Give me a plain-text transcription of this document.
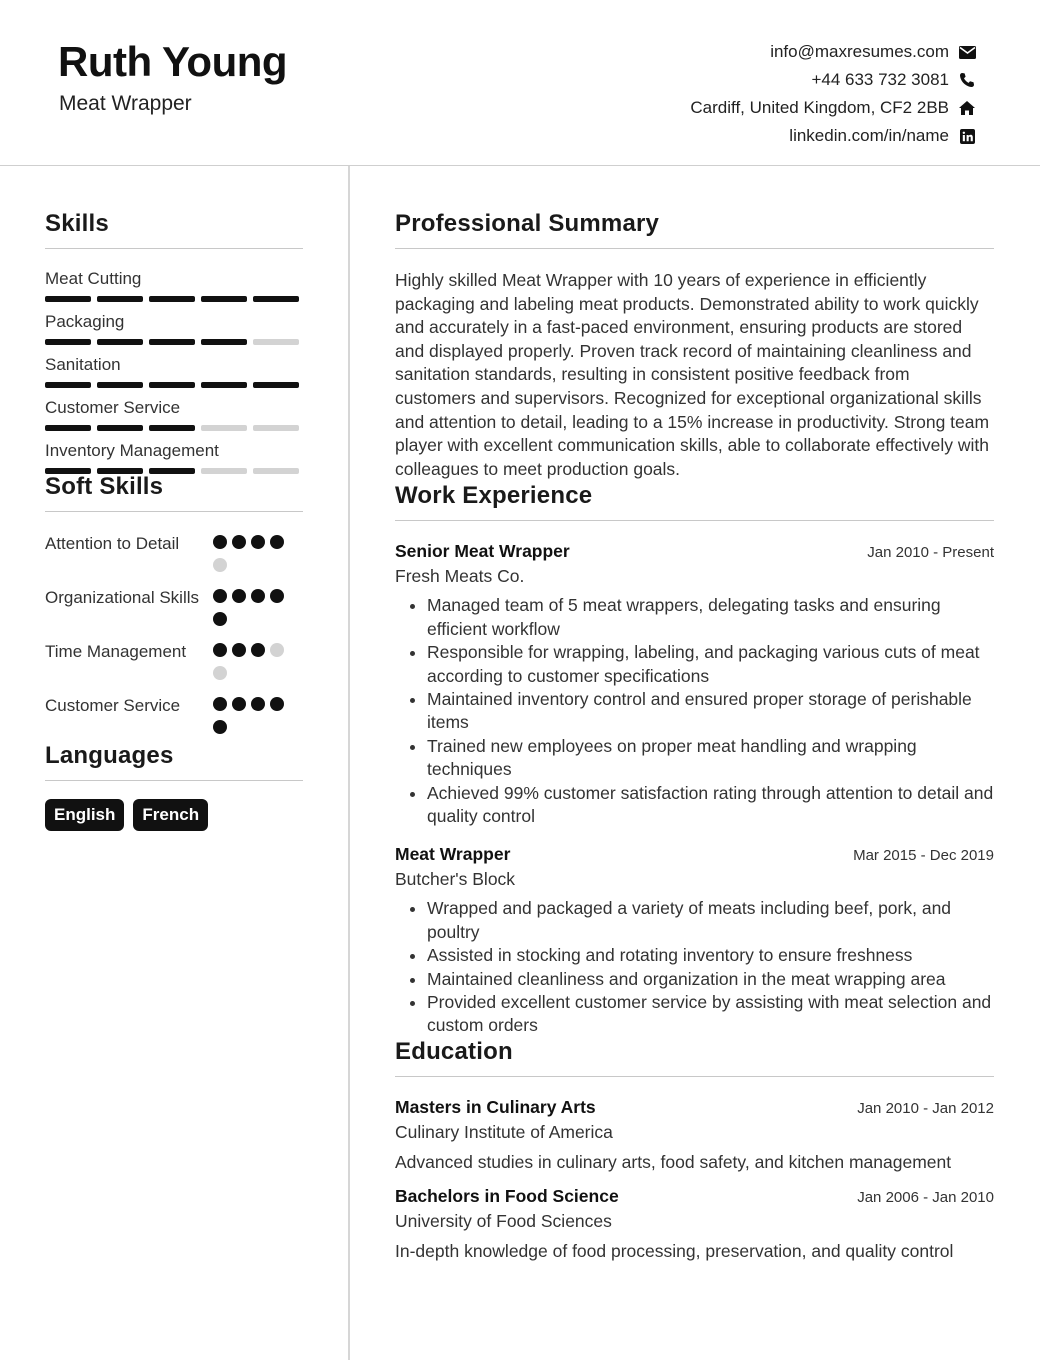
Ruth Young
Meat Wrapper
info@maxresumes.com
+44 633 732 3081
Cardiff, United Kingdom, CF2 2BB
linkedin.com/in/name
Skills
Meat Cutting
Packaging
Sanitation
Customer Service
Inventory Management
Soft Skills
Attention to Detail
Organizational Skills
Time Management
Customer Service
Languages
English	French
Professional Summary
Highly skilled Meat Wrapper with 10 years of experience in efficiently packaging and labeling meat products. Demonstrated ability to work quickly and accurately in a fast-paced environment, ensuring products are stored and displayed properly. Proven track record of maintaining cleanliness and sanitation standards, resulting in consistent positive feedback from customers and supervisors. Recognized for exceptional organizational skills and attention to detail, leading to a 15% increase in productivity. Strong team player with excellent communication skills, able to collaborate effectively with colleagues to meet production goals.
Work Experience
Senior Meat Wrapper	Jan 2010 - Present
Fresh Meats Co.
• Managed team of 5 meat wrappers, delegating tasks and ensuring efficient workflow
• Responsible for wrapping, labeling, and packaging various cuts of meat according to customer specifications
• Maintained inventory control and ensured proper storage of perishable items
• Trained new employees on proper meat handling and wrapping techniques
• Achieved 99% customer satisfaction rating through attention to detail and quality control
Meat Wrapper	Mar 2015 - Dec 2019
Butcher's Block
• Wrapped and packaged a variety of meats including beef, pork, and poultry
• Assisted in stocking and rotating inventory to ensure freshness
• Maintained cleanliness and organization in the meat wrapping area
• Provided excellent customer service by assisting with meat selection and custom orders
Education
Masters in Culinary Arts	Jan 2010 - Jan 2012
Culinary Institute of America
Advanced studies in culinary arts, food safety, and kitchen management
Bachelors in Food Science	Jan 2006 - Jan 2010
University of Food Sciences
In-depth knowledge of food processing, preservation, and quality control
